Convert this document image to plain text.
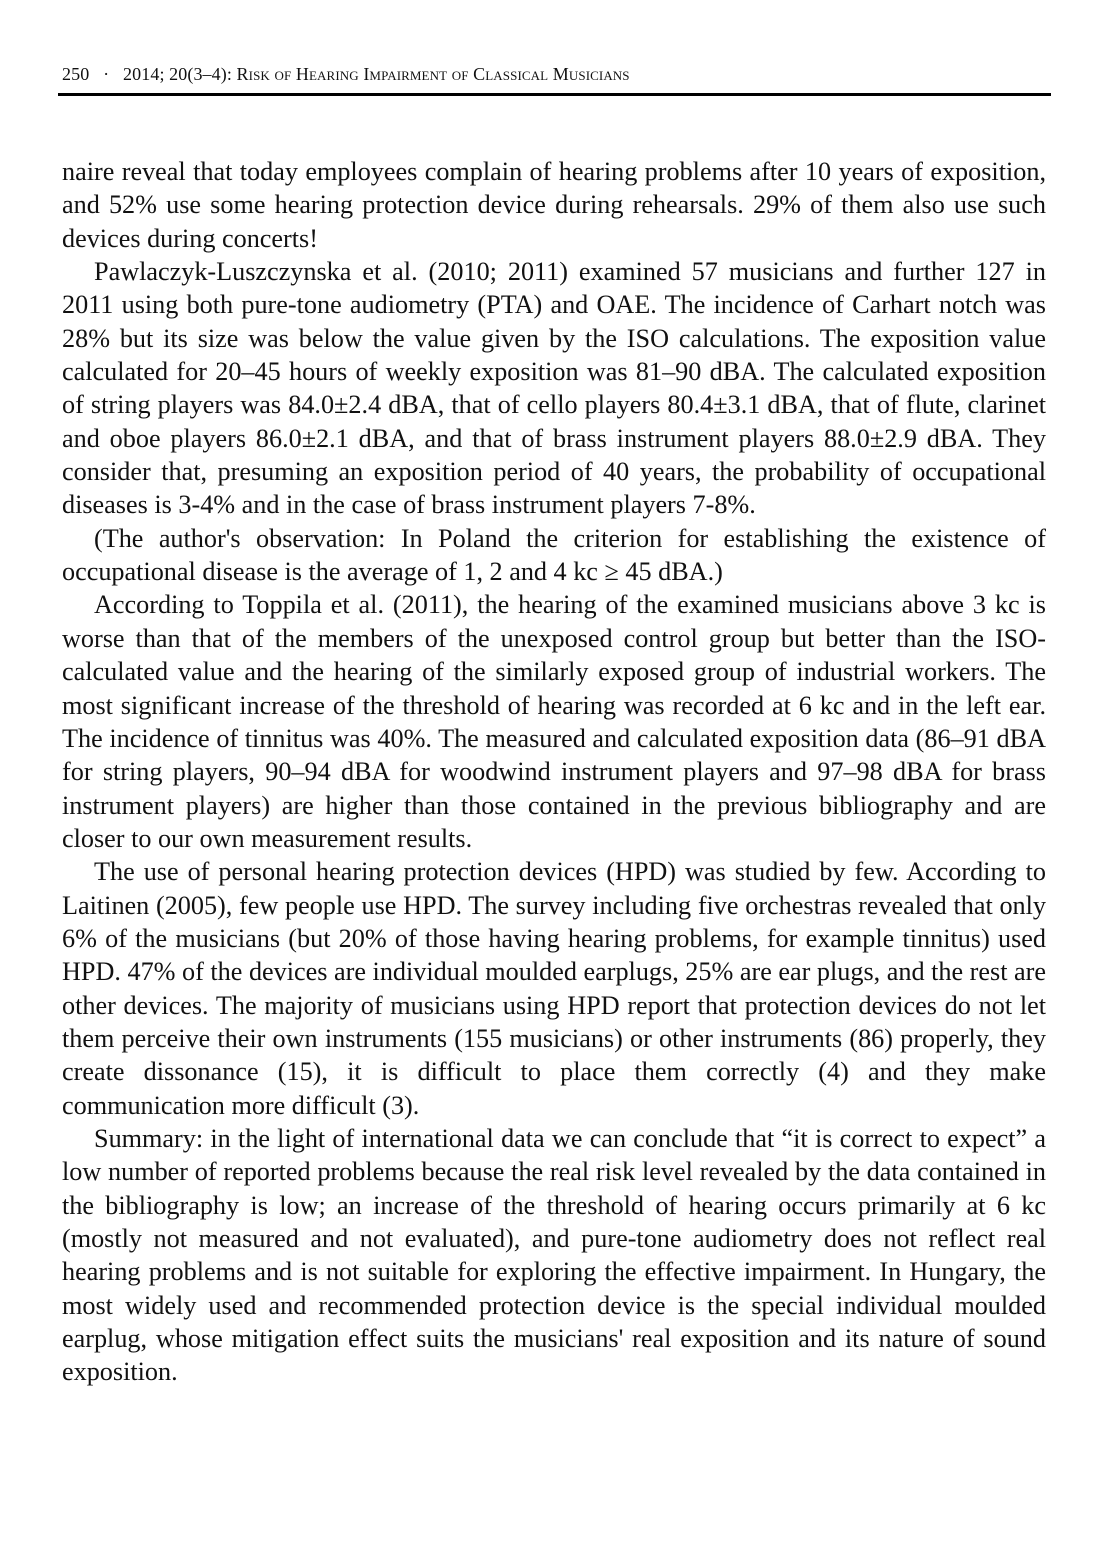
250 · 2014; 20(3–4): Risk of Hearing Impairment of Classical Musicians

naire reveal that today employees complain of hearing problems after 10 years of exposition, and 52% use some hearing protection device during rehearsals. 29% of them also use such devices during concerts!

Pawlaczyk-Luszczynska et al. (2010; 2011) examined 57 musicians and further 127 in 2011 using both pure-tone audiometry (PTA) and OAE. The incidence of Carhart notch was 28% but its size was below the value given by the ISO calculations. The exposition value calculated for 20–45 hours of weekly exposition was 81–90 dBA. The calculated exposition of string players was 84.0±2.4 dBA, that of cello players 80.4±3.1 dBA, that of flute, clarinet and oboe players 86.0±2.1 dBA, and that of brass instrument players 88.0±2.9 dBA. They consider that, presuming an exposition period of 40 years, the probability of occupational diseases is 3-4% and in the case of brass instrument players 7-8%.

(The author's observation: In Poland the criterion for establishing the existence of occupational disease is the average of 1, 2 and 4 kc ≥ 45 dBA.)

According to Toppila et al. (2011), the hearing of the examined musicians above 3 kc is worse than that of the members of the unexposed control group but better than the ISO-calculated value and the hearing of the similarly exposed group of industrial workers. The most significant increase of the threshold of hearing was recorded at 6 kc and in the left ear. The incidence of tinnitus was 40%. The measured and calculated exposition data (86–91 dBA for string players, 90–94 dBA for woodwind instrument players and 97–98 dBA for brass instrument players) are higher than those contained in the previous bibliography and are closer to our own measurement results.

The use of personal hearing protection devices (HPD) was studied by few. According to Laitinen (2005), few people use HPD. The survey including five orchestras revealed that only 6% of the musicians (but 20% of those having hearing problems, for example tinnitus) used HPD. 47% of the devices are individual moulded earplugs, 25% are ear plugs, and the rest are other devices. The majority of musicians using HPD report that protection devices do not let them perceive their own instruments (155 musicians) or other instruments (86) properly, they create dissonance (15), it is difficult to place them correctly (4) and they make communication more difficult (3).

Summary: in the light of international data we can conclude that “it is correct to expect” a low number of reported problems because the real risk level revealed by the data contained in the bibliography is low; an increase of the threshold of hearing occurs primarily at 6 kc (mostly not measured and not evaluated), and pure-tone audiometry does not reflect real hearing problems and is not suitable for exploring the effective impairment. In Hungary, the most widely used and recommended protection device is the special individual moulded earplug, whose mitigation effect suits the musicians' real exposition and its nature of sound exposition.
